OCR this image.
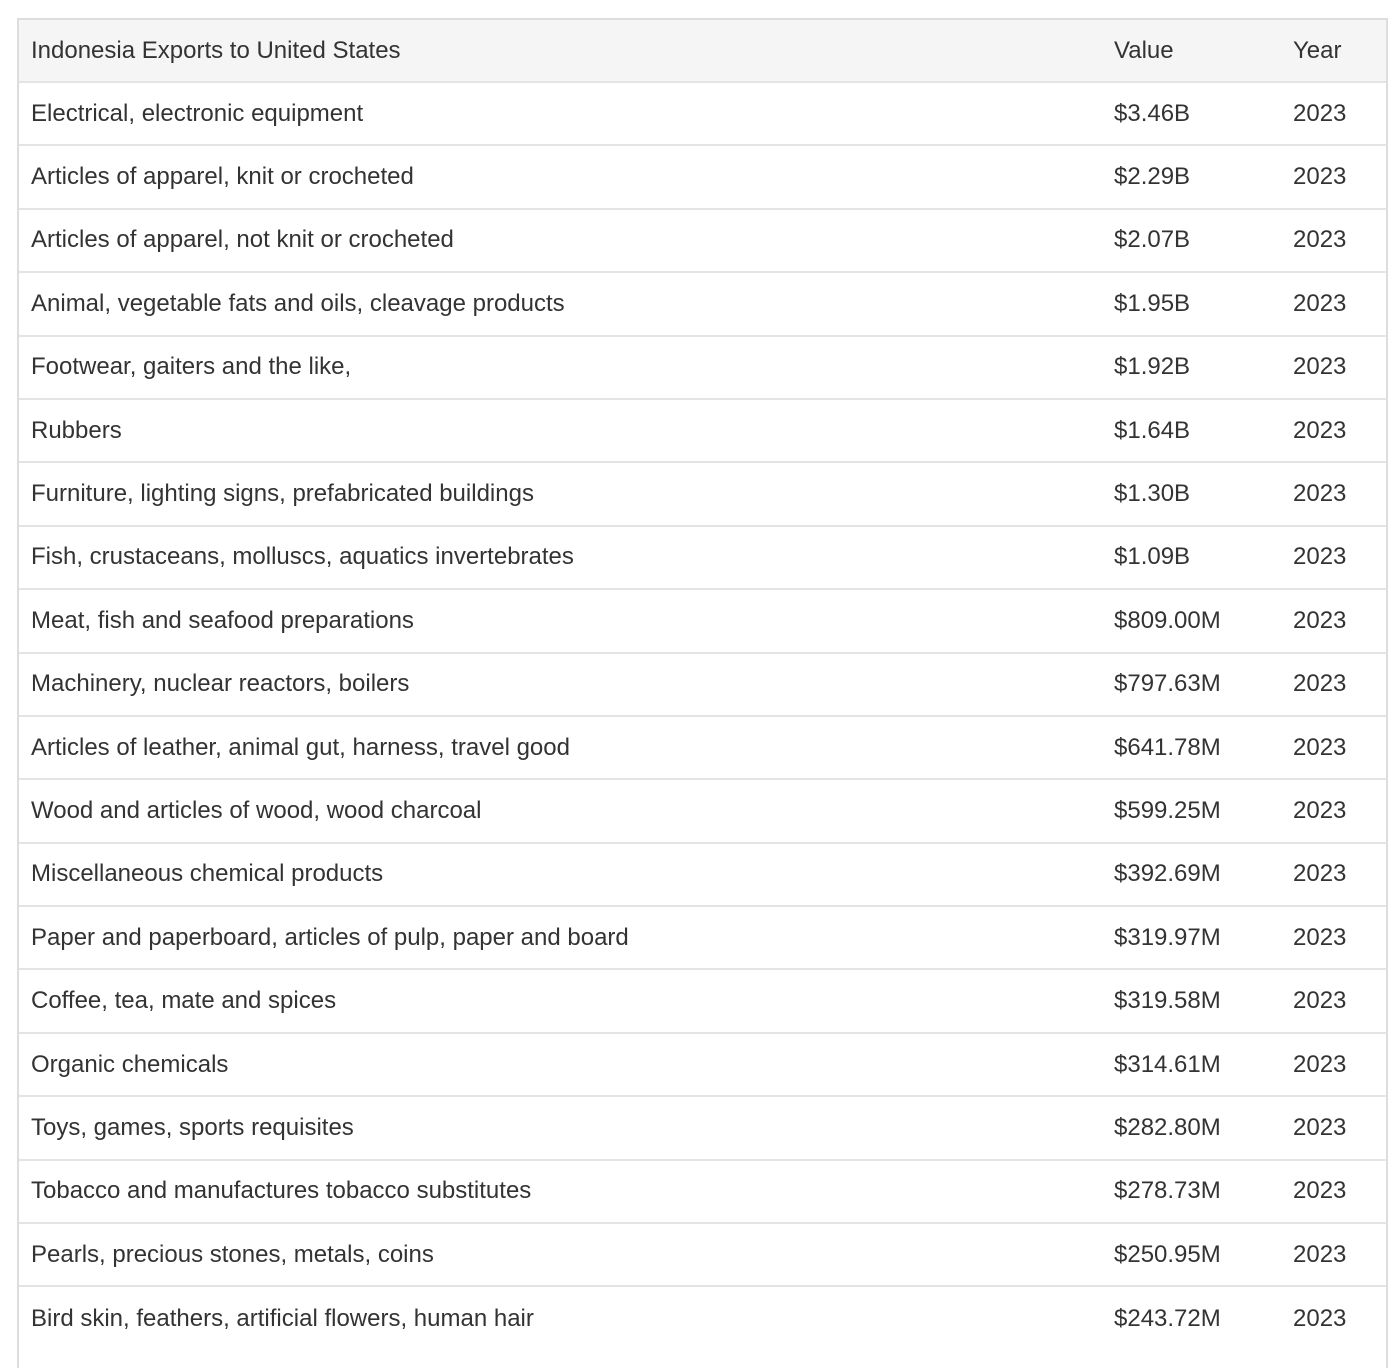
Indonesia Exports to United States	Value	Year
Electrical, electronic equipment	$3.46B	2023
Articles of apparel, knit or crocheted	$2.29B	2023
Articles of apparel, not knit or crocheted	$2.07B	2023
Animal, vegetable fats and oils, cleavage products	$1.95B	2023
Footwear, gaiters and the like,	$1.92B	2023
Rubbers	$1.64B	2023
Furniture, lighting signs, prefabricated buildings	$1.30B	2023
Fish, crustaceans, molluscs, aquatics invertebrates	$1.09B	2023
Meat, fish and seafood preparations	$809.00M	2023
Machinery, nuclear reactors, boilers	$797.63M	2023
Articles of leather, animal gut, harness, travel good	$641.78M	2023
Wood and articles of wood, wood charcoal	$599.25M	2023
Miscellaneous chemical products	$392.69M	2023
Paper and paperboard, articles of pulp, paper and board	$319.97M	2023
Coffee, tea, mate and spices	$319.58M	2023
Organic chemicals	$314.61M	2023
Toys, games, sports requisites	$282.80M	2023
Tobacco and manufactures tobacco substitutes	$278.73M	2023
Pearls, precious stones, metals, coins	$250.95M	2023
Bird skin, feathers, artificial flowers, human hair	$243.72M	2023
